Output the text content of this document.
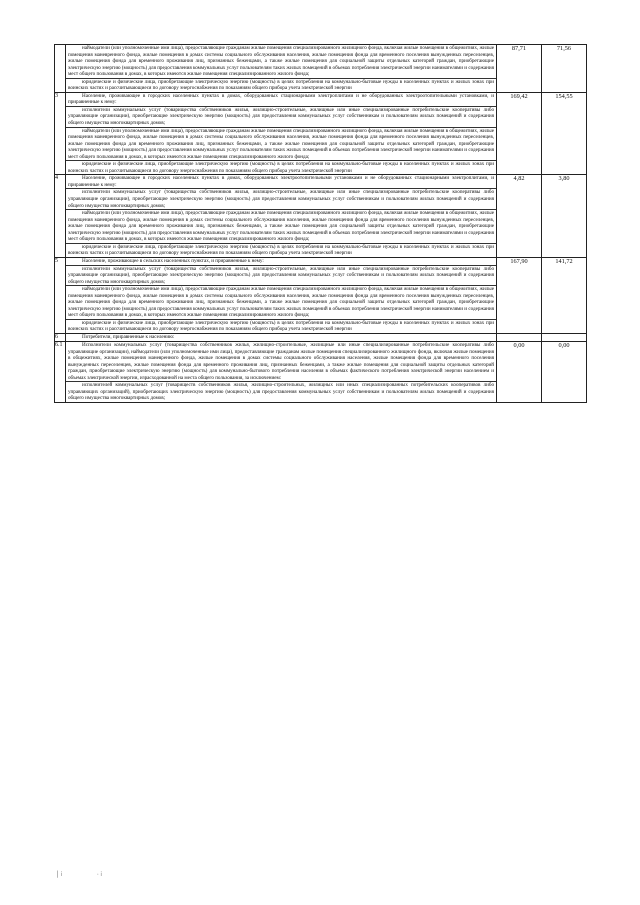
	наймодатели (или уполномоченные ими лица), предоставляющие гражданам жилые помещения специализированного жилищного фонда, включая жилые помещения в общежитиях, жилые помещения маневренного фонда, жилые помещения в домах системы социального обслуживания населения, жилые помещения фонда для временного поселения вынужденных переселенцев, жилые помещения фонда для временного проживания лиц, признанных беженцами, а также жилые помещения для социальной защиты отдельных категорий граждан, приобретающие электрическую энергию (мощность) для предоставления коммунальных услуг пользователям таких жилых помещений в объемах потребления электрической энергии нанимателями и содержания мест общего пользования в домах, в которых имеются жилые помещения специализированного жилого фонда;

юридические и физические лица, приобретающие электрическую энергию (мощность) в целях потребления на коммунально-бытовые нужды в населенных пунктах и жилых зонах при воинских частях и рассчитывающиеся по договору энергоснабжения по показаниям общего прибора учета электрической энергии	87,71	71,56
3	Население, проживающее в городских населенных пунктах в домах, оборудованных стационарными электроплитами и не оборудованных электроотопительными установками, и приравненные к нему:

исполнители коммунальных услуг (товарищества собственников жилья, жилищно-строительные, жилищные или иные специализированные потребительские кооперативы либо управляющие организации), приобретающие электрическую энергию (мощность) для предоставления коммунальных услуг собственникам и пользователям жилых помещений и содержания общего имущества многоквартирных домов;

наймодатели (или уполномоченные ими лица), предоставляющие гражданам жилые помещения специализированного жилищного фонда, включая жилые помещения в общежитиях, жилые помещения маневренного фонда, жилые помещения в домах системы социального обслуживания населения, жилые помещения фонда для временного поселения вынужденных переселенцев, жилые помещения фонда для временного проживания лиц, признанных беженцами, а также жилые помещения для социальной защиты отдельных категорий граждан, приобретающие электрическую энергию (мощность) для предоставления коммунальных услуг пользователям таких жилых помещений в объемах потребления электрической энергии нанимателями и содержания мест общего пользования в домах, в которых имеются жилые помещения специализированного жилого фонда;

юридические и физические лица, приобретающие электрическую энергию (мощность) в целях потребления на коммунально-бытовые нужды в населенных пунктах и жилых зонах при воинских частях и рассчитывающиеся по договору энергоснабжения по показаниям общего прибора учета электрической энергии	169,42	154,55
4	Население, проживающее в городских населенных пунктах в домах, оборудованных электроотопительными установками и не оборудованных стационарными электроплитами, и приравненные к нему:

исполнители коммунальных услуг (товарищества собственников жилья, жилищно-строительные, жилищные или иные специализированные потребительские кооперативы либо управляющие организации), приобретающие электрическую энергию (мощность) для предоставления коммунальных услуг собственникам и пользователям жилых помещений и содержания общего имущества многоквартирных домов;

наймодатели (или уполномоченные ими лица), предоставляющие гражданам жилые помещения специализированного жилищного фонда, включая жилые помещения в общежитиях, жилые помещения маневренного фонда, жилые помещения в домах системы социального обслуживания населения, жилые помещения фонда для временного поселения вынужденных переселенцев, жилые помещения фонда для временного проживания лиц, признанных беженцами, а также жилые помещения для социальной защиты отдельных категорий граждан, приобретающие электрическую энергию (мощность) для предоставления коммунальных услуг пользователям таких жилых помещений в объемах потребления электрической энергии нанимателями и содержания мест общего пользования в домах, в которых имеются жилые помещения специализированного жилого фонда;

юридические и физические лица, приобретающие электрическую энергию (мощность) в целях потребления на коммунально-бытовые нужды в населенных пунктах и жилых зонах при воинских частях и рассчитывающиеся по договору энергоснабжения по показаниям общего прибора учета электрической энергии	4,82	3,80
5	Население, проживающее в сельских населенных пунктах, и приравненные к нему:

исполнители коммунальных услуг (товарищества собственников жилья, жилищно-строительные, жилищные или иные специализированные потребительские кооперативы либо управляющие организации), приобретающие электрическую энергию (мощность) для предоставления коммунальных услуг собственникам и пользователям жилых помещений и содержания общего имущества многоквартирных домов;

наймодатели (или уполномоченные ими лица), предоставляющие гражданам жилые помещения специализированного жилищного фонда, включая жилые помещения в общежитиях, жилые помещения маневренного фонда, жилые помещения в домах системы социального обслуживания населения, жилые помещения фонда для временного поселения вынужденных переселенцев, жилые помещения фонда для временного проживания лиц, признанных беженцами, а также жилые помещения для социальной защиты отдельных категорий граждан, приобретающие электрическую энергию (мощность) для предоставления коммунальных услуг пользователям таких жилых помещений в объемах потребления электрической энергии нанимателями и содержания мест общего пользования в домах, в которых имеются жилые помещения специализированного жилого фонда;

юридические и физические лица, приобретающие электрическую энергию (мощность) в целях потребления на коммунально-бытовые нужды в населенных пунктах и жилых зонах при воинских частях и рассчитывающиеся по договору энергоснабжения по показаниям общего прибора учета электрической энергии	167,90	141,72
6	Потребители, приравненные к населению:		

6.1	Исполнители коммунальных услуг (товарищества собственников жилья, жилищно-строительные, жилищные или иные специализированные потребительские кооперативы либо управляющие организации), наймодатели (или уполномоченные ими лица), предоставляющие гражданам жилые помещения специализированного жилищного фонда, включая жилые помещения в общежитиях, жилые помещения маневренного фонда, жилые помещения в домах системы социального обслуживания населения, жилые помещения фонда для временного поселения вынужденных переселенцев, жилые помещения фонда для временного проживания лиц, признанных беженцами, а также жилые помещения для социальной защиты отдельных категорий граждан, приобретающие электрическую энергию (мощность) для коммунально-бытового потребления населения в объемах фактического потребления электрической энергии населением и объемах электрической энергии, израсходованной на места общего пользования, за исключением:

исполнителей коммунальных услуг (товариществ собственников жилья, жилищно-строительных, жилищных или иных специализированных потребительских кооперативов либо управляющих организаций), приобретающих электрическую энергию (мощность) для предоставления коммунальных услуг собственникам и пользователям жилых помещений и содержания общего имущества многоквартирных домов;	0,00	0,00
│ ⁞                       · ⁞
